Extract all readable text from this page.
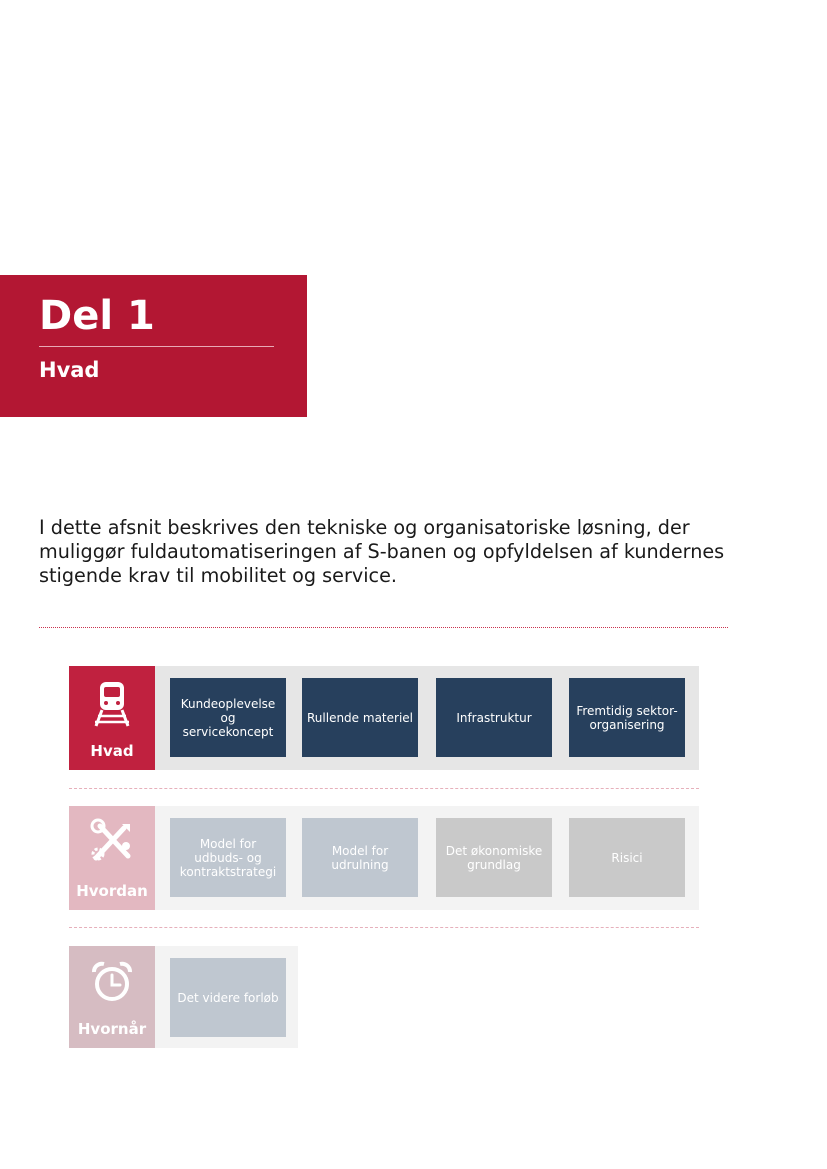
Del 1
Hvad
I dette afsnit beskrives den tekniske og organisatoriske løsning, der muliggør fuldautomatiseringen af S-banen og opfyldelsen af kundernes stigende krav til mobilitet og service.
Hvad
Kundeoplevelse og servicekoncept
Rullende materiel	Infrastruktur	Fremtidig sektor-organisering
Hvordan
Model for udbuds- og kontraktstrategi
Model for udrulning
Det økonomiske grundlag	Risici
Hvornår
Det videre forløb
